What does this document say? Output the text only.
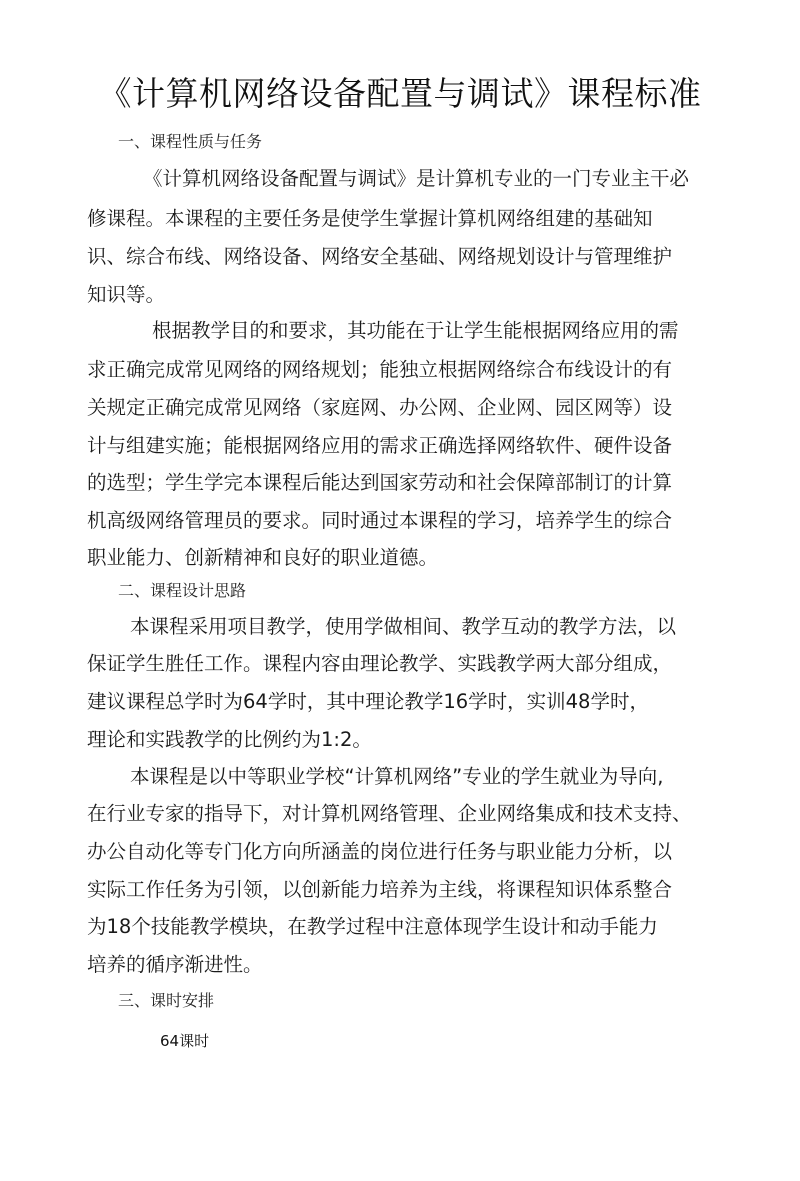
《计算机网络设备配置与调试》课程标准
一、课程性质与任务
《计算机网络设备配置与调试》是计算机专业的一门专业主干必
修课程。本课程的主要任务是使学生掌握计算机网络组建的基础知
识、综合布线、网络设备、网络安全基础、网络规划设计与管理维护
知识等。
根据教学目的和要求，其功能在于让学生能根据网络应用的需
求正确完成常见网络的网络规划；能独立根据网络综合布线设计的有
关规定正确完成常见网络（家庭网、办公网、企业网、园区网等）设
计与组建实施；能根据网络应用的需求正确选择网络软件、硬件设备
的选型；学生学完本课程后能达到国家劳动和社会保障部制订的计算
机高级网络管理员的要求。同时通过本课程的学习，培养学生的综合
职业能力、创新精神和良好的职业道德。
二、课程设计思路
本课程采用项目教学，使用学做相间、教学互动的教学方法，以
保证学生胜任工作。课程内容由理论教学、实践教学两大部分组成，
建议课程总学时为64学时，其中理论教学16学时，实训48学时，
理论和实践教学的比例约为1:2。
本课程是以中等职业学校“计算机网络”专业的学生就业为导向,
在行业专家的指导下，对计算机网络管理、企业网络集成和技术支持、
办公自动化等专门化方向所涵盖的岗位进行任务与职业能力分析，以
实际工作任务为引领，以创新能力培养为主线，将课程知识体系整合
为18个技能教学模块，在教学过程中注意体现学生设计和动手能力
培养的循序渐进性。
三、课时安排
64课时
